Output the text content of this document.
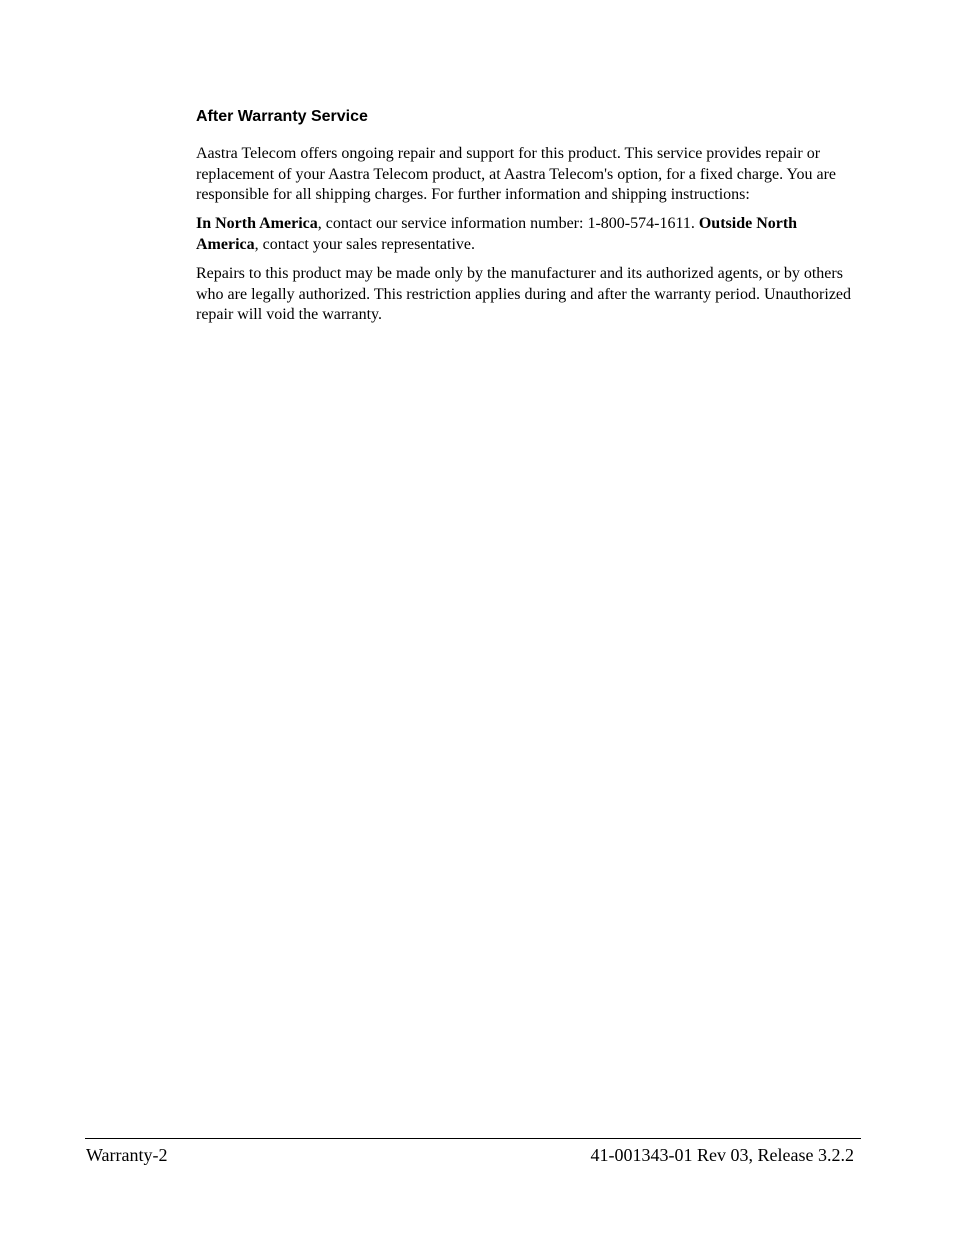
After Warranty Service

Aastra Telecom offers ongoing repair and support for this product. This service provides repair or replacement of your Aastra Telecom product, at Aastra Telecom's option, for a fixed charge. You are responsible for all shipping charges. For further information and shipping instructions:

In North America, contact our service information number: 1-800-574-1611. Outside North America, contact your sales representative.

Repairs to this product may be made only by the manufacturer and its authorized agents, or by others who are legally authorized. This restriction applies during and after the warranty period. Unauthorized repair will void the warranty.

Warranty-2	41-001343-01 Rev 03, Release 3.2.2
